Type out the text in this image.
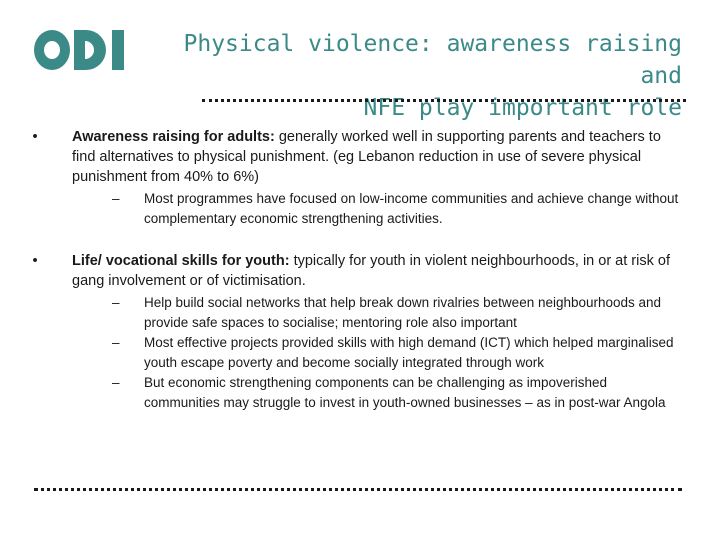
Physical violence: awareness raising and
NFE play important role
• Awareness raising for adults: generally worked well in supporting parents and teachers to find alternatives to physical punishment. (eg Lebanon reduction in use of severe physical punishment from 40% to 6%)
– Most programmes have focused on low-income communities and achieve change without complementary economic strengthening activities.
• Life/ vocational skills for youth: typically for youth in violent neighbourhoods, in or at risk of gang involvement or of victimisation.
– Help build social networks that help break down rivalries between neighbourhoods and provide safe spaces to socialise; mentoring role also important
– Most effective projects provided skills with high demand (ICT) which helped marginalised youth escape poverty and become socially integrated through work
– But economic strengthening components can be challenging as impoverished communities may struggle to invest in youth-owned businesses – as in post-war Angola
